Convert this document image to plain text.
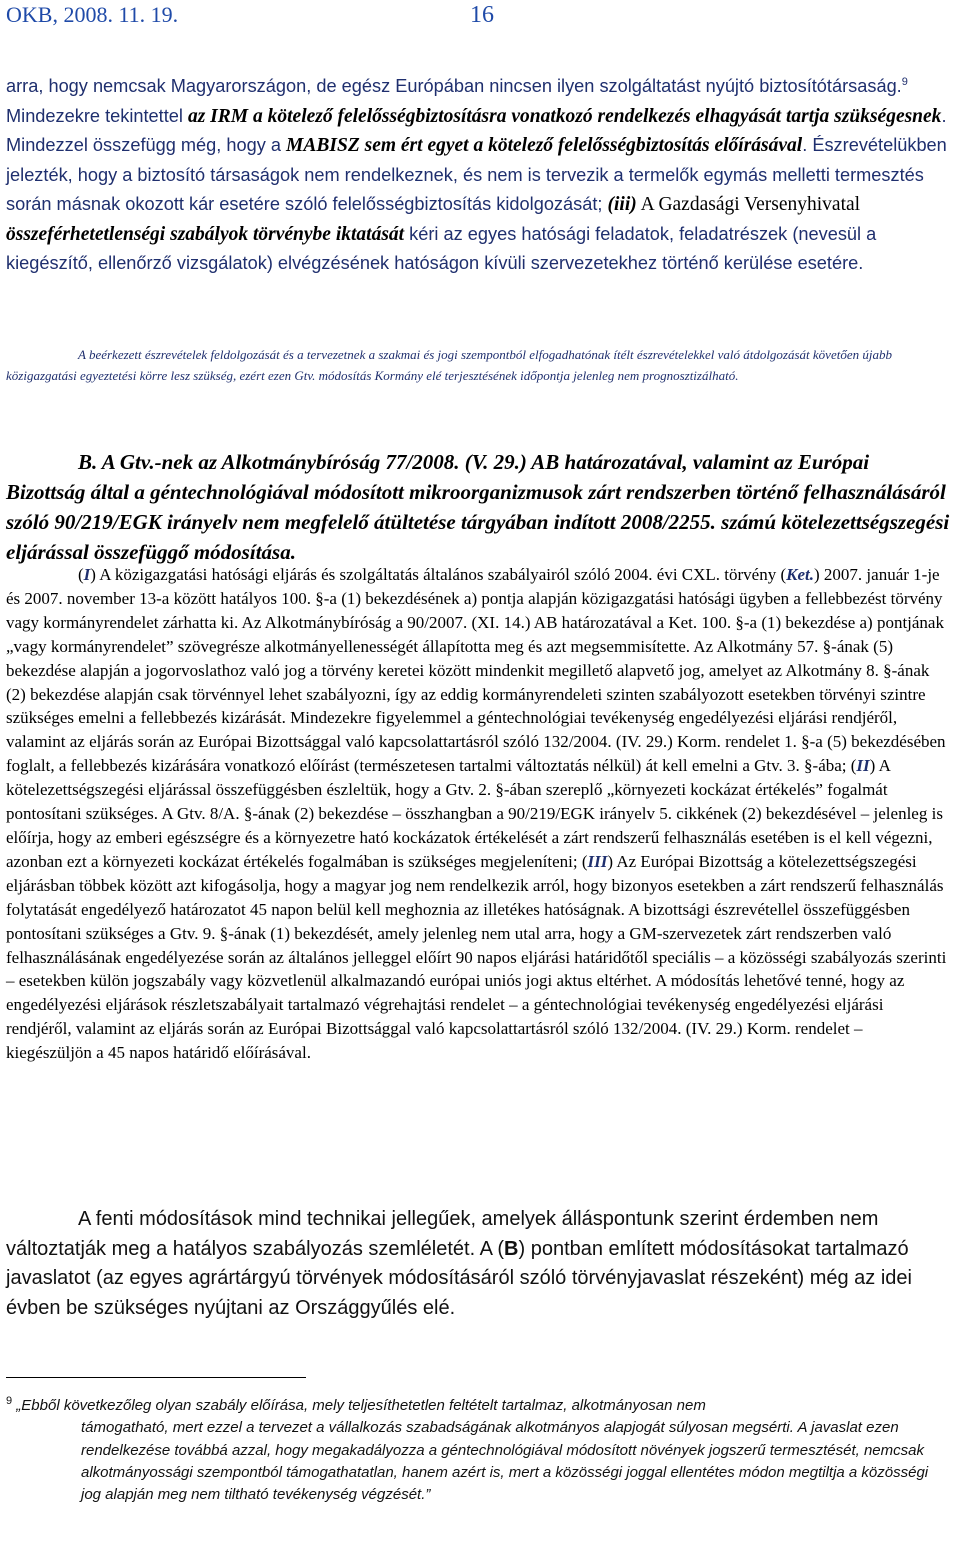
OKB, 2008. 11. 19.	16

arra, hogy nemcsak Magyarországon, de egész Európában nincsen ilyen szolgáltatást nyújtó biztosítótársaság.$^9$ Mindezekre tekintettel az IRM a kötelező felelősségbiztosításra vonatkozó rendelkezés elhagyását tartja szükségesnek. Mindezzel összefügg még, hogy a MABISZ sem ért egyet a kötelező felelősségbiztosítás előírásával. Észrevételükben jelezték, hogy a biztosító társaságok nem rendelkeznek, és nem is tervezik a termelők egymás melletti termesztés során másnak okozott kár esetére szóló felelősségbiztosítás kidolgozását; (iii) A Gazdasági Versenyhivatal összeférhetetlenségi szabályok törvénybe iktatását kéri az egyes hatósági feladatok, feladatrészek (nevesül a kiegészítő, ellenőrző vizsgálatok) elvégzésének hatóságon kívüli szervezetekhez történő kerülése esetére.

A beérkezett észrevételek feldolgozását és a tervezetnek a szakmai és jogi szempontból elfogadhatónak ítélt észrevételekkel való átdolgozását követően újabb közigazgatási egyeztetési körre lesz szükség, ezért ezen Gtv. módosítás Kormány elé terjesztésének időpontja jelenleg nem prognosztizálható.

B. A Gtv.-nek az Alkotmánybíróság 77/2008. (V. 29.) AB határozatával, valamint az Európai Bizottság által a géntechnológiával módosított mikroorganizmusok zárt rendszerben történő felhasználásáról szóló 90/219/EGK irányelv nem megfelelő átültetése tárgyában indított 2008/2255. számú kötelezettségszegési eljárással összefüggő módosítása.

(I) A közigazgatási hatósági eljárás és szolgáltatás általános szabályairól szóló 2004. évi CXL. törvény (Ket.) 2007. január 1-je és 2007. november 13-a között hatályos 100. §-a (1) bekezdésének a) pontja alapján közigazgatási hatósági ügyben a fellebbezést törvény vagy kormányrendelet zárhatta ki. Az Alkotmánybíróság a 90/2007. (XI. 14.) AB határozatával a Ket. 100. §-a (1) bekezdése a) pontjának „vagy kormányrendelet” szövegrésze alkotmányellenességét állapította meg és azt megsemmisítette. Az Alkotmány 57. §-ának (5) bekezdése alapján a jogorvoslathoz való jog a törvény keretei között mindenkit megillető alapvető jog, amelyet az Alkotmány 8. §-ának (2) bekezdése alapján csak törvénnyel lehet szabályozni, így az eddig kormányrendeleti szinten szabályozott esetekben törvényi szintre szükséges emelni a fellebbezés kizárását. Mindezekre figyelemmel a géntechnológiai tevékenység engedélyezési eljárási rendjéről, valamint az eljárás során az Európai Bizottsággal való kapcsolattartásról szóló 132/2004. (IV. 29.) Korm. rendelet 1. §-a (5) bekezdésében foglalt, a fellebbezés kizárására vonatkozó előírást (természetesen tartalmi változtatás nélkül) át kell emelni a Gtv. 3. §-ába; (II) A kötelezettségszegési eljárással összefüggésben észleltük, hogy a Gtv. 2. §-ában szereplő „környezeti kockázat értékelés” fogalmát pontosítani szükséges. A Gtv. 8/A. §-ának (2) bekezdése – összhangban a 90/219/EGK irányelv 5. cikkének (2) bekezdésével – jelenleg is előírja, hogy az emberi egészségre és a környezetre ható kockázatok értékelését a zárt rendszerű felhasználás esetében is el kell végezni, azonban ezt a környezeti kockázat értékelés fogalmában is szükséges megjeleníteni; (III) Az Európai Bizottság a kötelezettségszegési eljárásban többek között azt kifogásolja, hogy a magyar jog nem rendelkezik arról, hogy bizonyos esetekben a zárt rendszerű felhasználás folytatását engedélyező határozatot 45 napon belül kell meghoznia az illetékes hatóságnak. A bizottsági észrevétellel összefüggésben pontosítani szükséges a Gtv. 9. §-ának (1) bekezdését, amely jelenleg nem utal arra, hogy a GM-szervezetek zárt rendszerben való felhasználásának engedélyezése során az általános jelleggel előírt 90 napos eljárási határidőtől speciális – a közösségi szabályozás szerinti – esetekben külön jogszabály vagy közvetlenül alkalmazandó európai uniós jogi aktus eltérhet. A módosítás lehetővé tenné, hogy az engedélyezési eljárások részletszabályait tartalmazó végrehajtási rendelet – a géntechnológiai tevékenység engedélyezési eljárási rendjéről, valamint az eljárás során az Európai Bizottsággal való kapcsolattartásról szóló 132/2004. (IV. 29.) Korm. rendelet – kiegészüljön a 45 napos határidő előírásával.

A fenti módosítások mind technikai jellegűek, amelyek álláspontunk szerint érdemben nem változtatják meg a hatályos szabályozás szemléletét. A (B) pontban említett módosításokat tartalmazó javaslatot (az egyes agrártárgyú törvények módosításáról szóló törvényjavaslat részeként) még az idei évben be szükséges nyújtani az Országgyűlés elé.

$^9$ „Ebből következőleg olyan szabály előírása, mely teljesíthetetlen feltételt tartalmaz, alkotmányosan nem
támogatható, mert ezzel a tervezet a vállalkozás szabadságának alkotmányos alapjogát súlyosan megsérti. A javaslat ezen rendelkezése továbbá azzal, hogy megakadályozza a géntechnológiával módosított növények jogszerű termesztését, nemcsak alkotmányossági szempontból támogathatatlan, hanem azért is, mert a közösségi joggal ellentétes módon megtiltja a közösségi jog alapján meg nem tiltható tevékenység végzését.”
